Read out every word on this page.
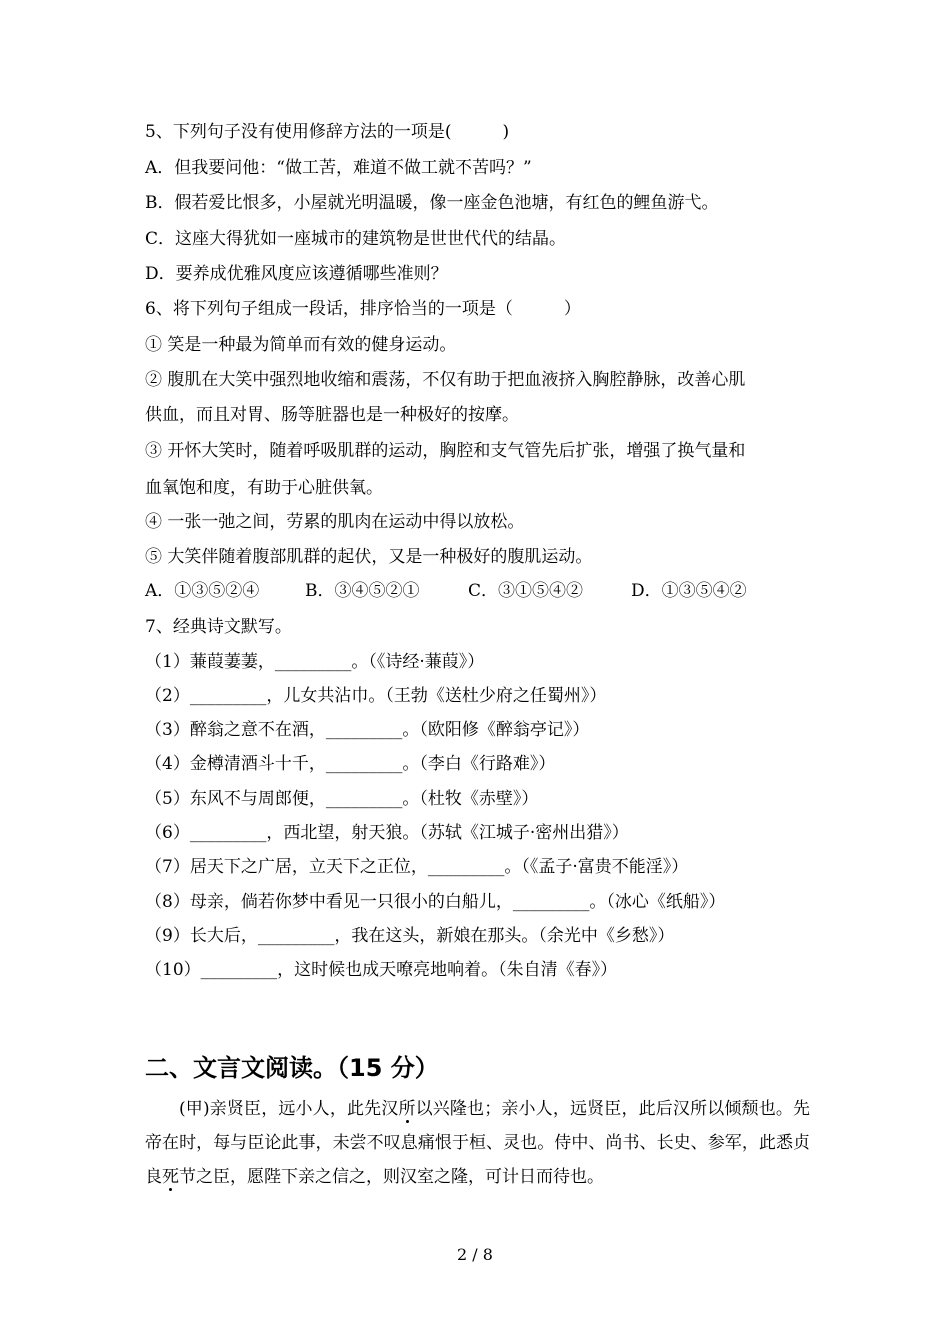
5、下列句子没有使用修辞方法的一项是(　　　)
A．但我要问他：“做工苦，难道不做工就不苦吗？”
B．假若爱比恨多，小屋就光明温暖，像一座金色池塘，有红色的鲤鱼游弋。
C．这座大得犹如一座城市的建筑物是世世代代的结晶。
D．要养成优雅风度应该遵循哪些准则？
6、将下列句子组成一段话，排序恰当的一项是（　　　）
① 笑是一种最为简单而有效的健身运动。
② 腹肌在大笑中强烈地收缩和震荡，不仅有助于把血液挤入胸腔静脉，改善心肌
供血，而且对胃、肠等脏器也是一种极好的按摩。
③ 开怀大笑时，随着呼吸肌群的运动，胸腔和支气管先后扩张，增强了换气量和
血氧饱和度，有助于心脏供氧。
④ 一张一弛之间，劳累的肌肉在运动中得以放松。
⑤ 大笑伴随着腹部肌群的起伏，又是一种极好的腹肌运动。
A．①③⑤②④	B．③④⑤②①	C．③①⑤④②	D．①③⑤④②
7、经典诗文默写。
（1）蒹葭萋萋，_________。（《诗经·蒹葭》）
（2）_________，儿女共沾巾。（王勃《送杜少府之任蜀州》）
（3）醉翁之意不在酒，_________。（欧阳修《醉翁亭记》）
（4）金樽清酒斗十千，_________。（李白《行路难》）
（5）东风不与周郎便，_________。（杜牧《赤壁》）
（6）_________，西北望，射天狼。（苏轼《江城子·密州出猎》）
（7）居天下之广居，立天下之正位，_________。（《孟子·富贵不能淫》）
（8）母亲，倘若你梦中看见一只很小的白船儿，_________。（冰心《纸船》）
（9）长大后，_________，我在这头，新娘在那头。（余光中《乡愁》）
（10）_________，这时候也成天嘹亮地响着。（朱自清《春》）
二、文言文阅读。（15 分）

(甲)亲贤臣，远小人，此先汉所以兴隆也；亲小人，远贤臣，此后汉所以倾颓也。先帝在时，每与臣论此事，未尝不叹息痛恨于桓、灵也。侍中、尚书、长史、参军，此悉贞良死节之臣，愿陛下亲之信之，则汉室之隆，可计日而待也。

2 / 8
